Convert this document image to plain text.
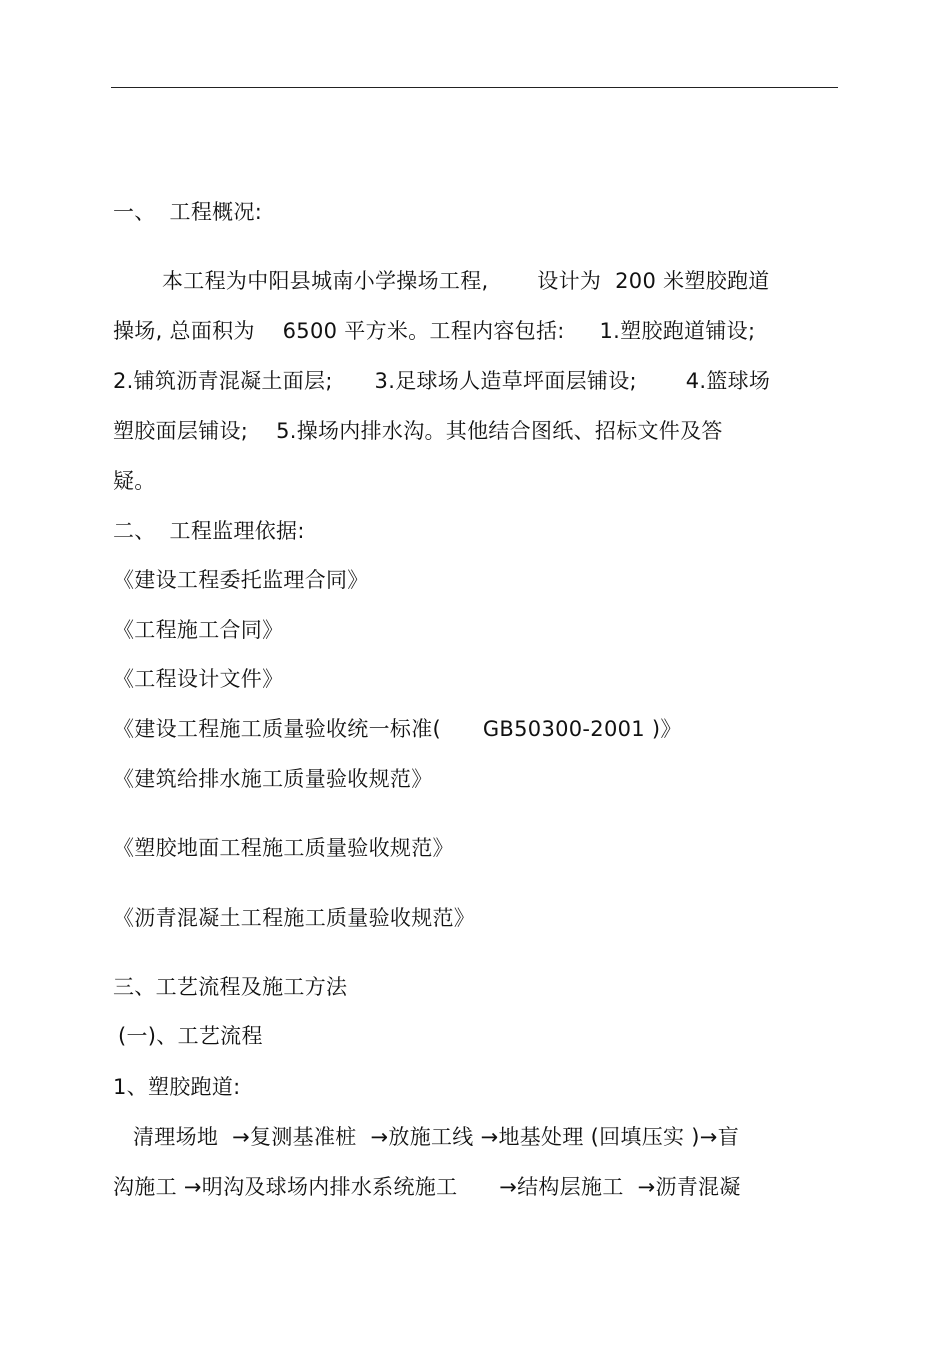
一、  工程概况:
本工程为中阳县城南小学操场工程,       设计为  200 米塑胶跑道
操场, 总面积为    6500 平方米。工程内容包括:     1.塑胶跑道铺设;
2.铺筑沥青混凝土面层;      3.足球场人造草坪面层铺设;       4.篮球场
塑胶面层铺设;    5.操场内排水沟。其他结合图纸、招标文件及答
疑。
二、  工程监理依据:
《建设工程委托监理合同》
《工程施工合同》
《工程设计文件》
《建设工程施工质量验收统一标准(      GB50300-2001 )》
《建筑给排水施工质量验收规范》
《塑胶地面工程施工质量验收规范》
《沥青混凝土工程施工质量验收规范》
三、工艺流程及施工方法
(一)、工艺流程
1、塑胶跑道:
清理场地  →复测基准桩  →放施工线 →地基处理 (回填压实 )→盲
沟施工 →明沟及球场内排水系统施工      →结构层施工  →沥青混凝
